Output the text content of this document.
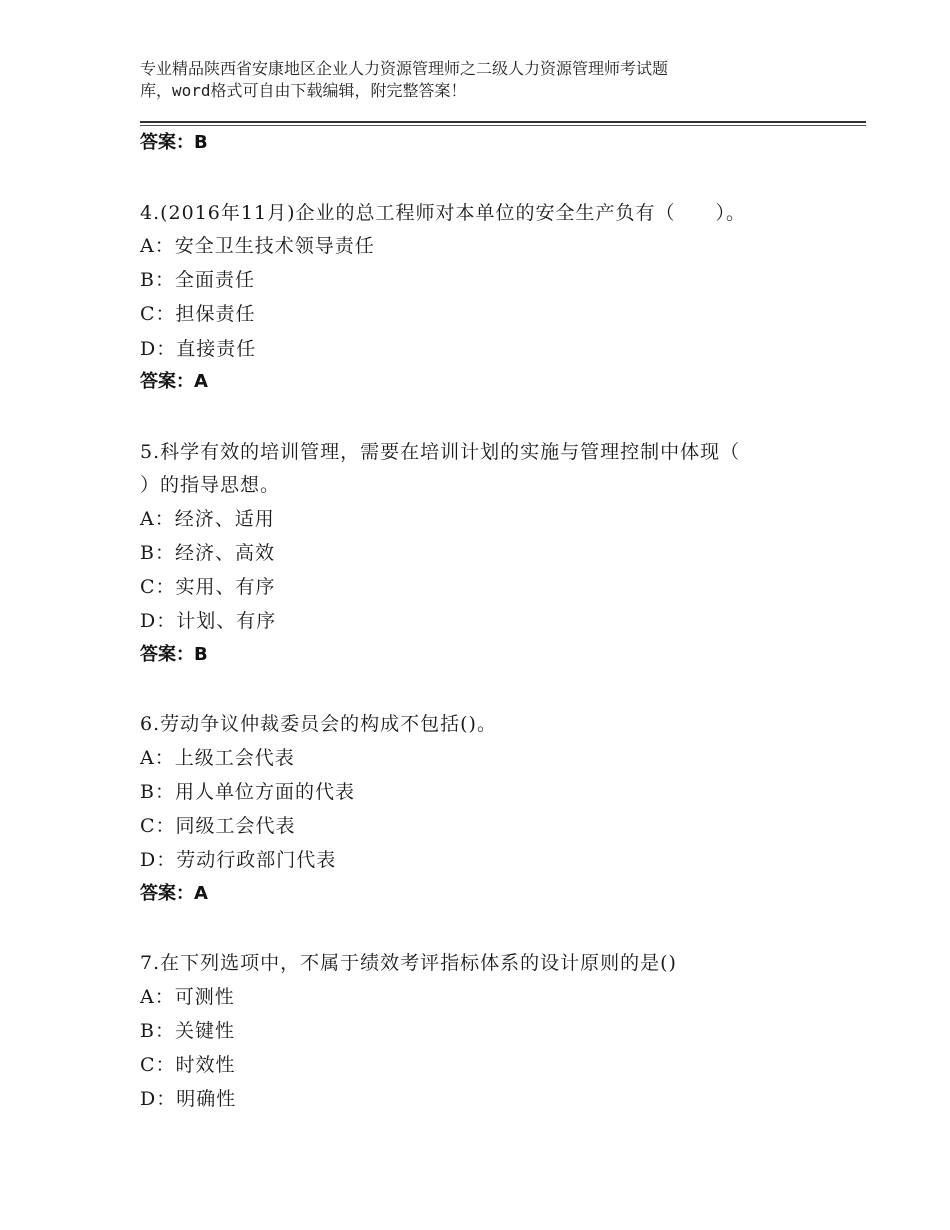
专业精品陕西省安康地区企业人力资源管理师之二级人力资源管理师考试题
库，word格式可自由下载编辑，附完整答案！
答案：B
4.(2016年11月)企业的总工程师对本单位的安全生产负有（　　）。
A：安全卫生技术领导责任
B：全面责任
C：担保责任
D：直接责任
答案：A
5.科学有效的培训管理，需要在培训计划的实施与管理控制中体现（
）的指导思想。
A：经济、适用
B：经济、高效
C：实用、有序
D：计划、有序
答案：B
6.劳动争议仲裁委员会的构成不包括()。
A：上级工会代表
B：用人单位方面的代表
C：同级工会代表
D：劳动行政部门代表
答案：A
7.在下列选项中，不属于绩效考评指标体系的设计原则的是()
A：可测性
B：关键性
C：时效性
D：明确性
